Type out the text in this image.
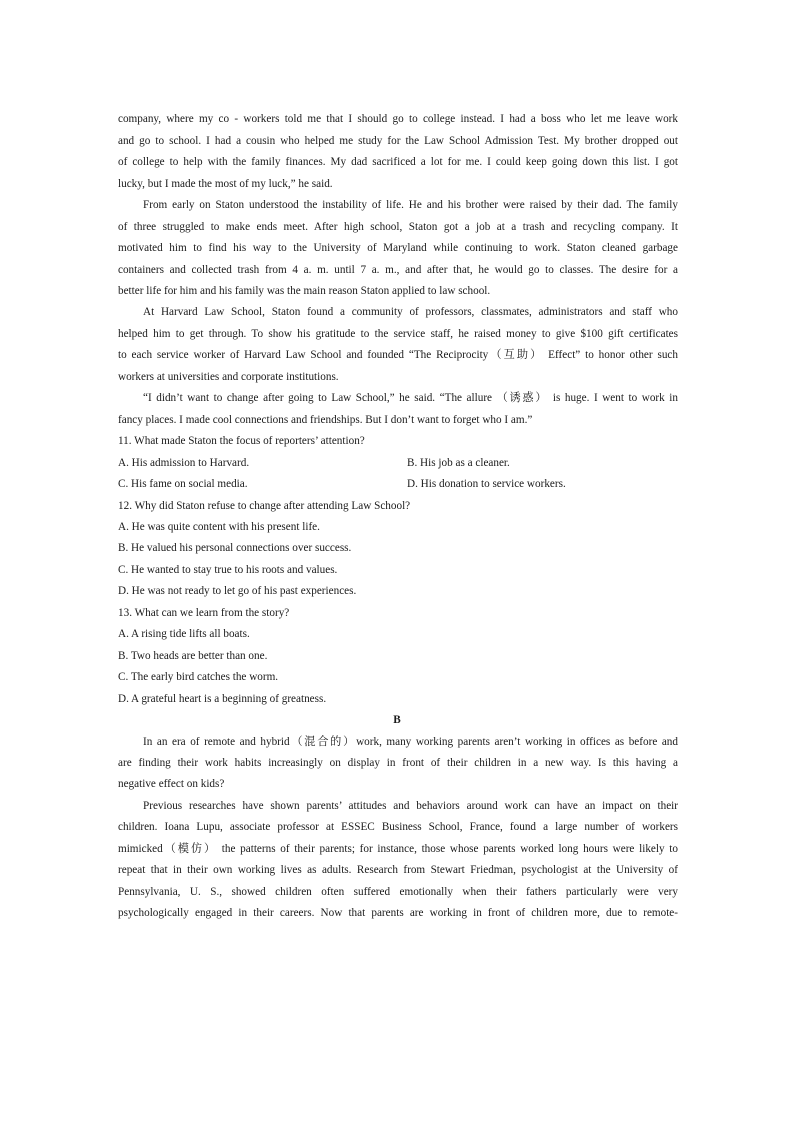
company, where my co - workers told me that I should go to college instead. I had a boss who let me leave work
and go to school. I had a cousin who helped me study for the Law School Admission Test. My brother dropped out
of college to help with the family finances. My dad sacrificed a lot for me. I could keep going down this list. I got
lucky, but I made the most of my luck,” he said.
From early on Staton understood the instability of life. He and his brother were raised by their dad. The family
of three struggled to make ends meet. After high school, Staton got a job at a trash and recycling company. It
motivated him to find his way to the University of Maryland while continuing to work. Staton cleaned garbage
containers and collected trash from 4 a. m. until 7 a. m., and after that, he would go to classes. The desire for a
better life for him and his family was the main reason Staton applied to law school.
At Harvard Law School, Staton found a community of professors, classmates, administrators and staff who
helped him to get through. To show his gratitude to the service staff, he raised money to give $100 gift certificates
to each service worker of Harvard Law School and founded “The Reciprocity（互助） Effect” to honor other such
workers at universities and corporate institutions.
“I didn’t want to change after going to Law School,” he said. “The allure （诱惑） is huge. I went to work in
fancy places. I made cool connections and friendships. But I don’t want to forget who I am.”
11. What made Staton the focus of reporters’ attention?
A. His admission to Harvard.	B. His job as a cleaner.
C. His fame on social media.	D. His donation to service workers.
12. Why did Staton refuse to change after attending Law School?
A. He was quite content with his present life.
B. He valued his personal connections over success.
C. He wanted to stay true to his roots and values.
D. He was not ready to let go of his past experiences.
13. What can we learn from the story?
A. A rising tide lifts all boats.
B. Two heads are better than one.
C. The early bird catches the worm.
D. A grateful heart is a beginning of greatness.
B
In an era of remote and hybrid（混合的）work, many working parents aren’t working in offices as before and
are finding their work habits increasingly on display in front of their children in a new way. Is this having a
negative effect on kids?
Previous researches have shown parents’ attitudes and behaviors around work can have an impact on their
children. Ioana Lupu, associate professor at ESSEC Business School, France, found a large number of workers
mimicked（模仿） the patterns of their parents; for instance, those whose parents worked long hours were likely to
repeat that in their own working lives as adults. Research from Stewart Friedman, psychologist at the University of
Pennsylvania, U. S., showed children often suffered emotionally when their fathers particularly were very
psychologically engaged in their careers. Now that parents are working in front of children more, due to remote-
